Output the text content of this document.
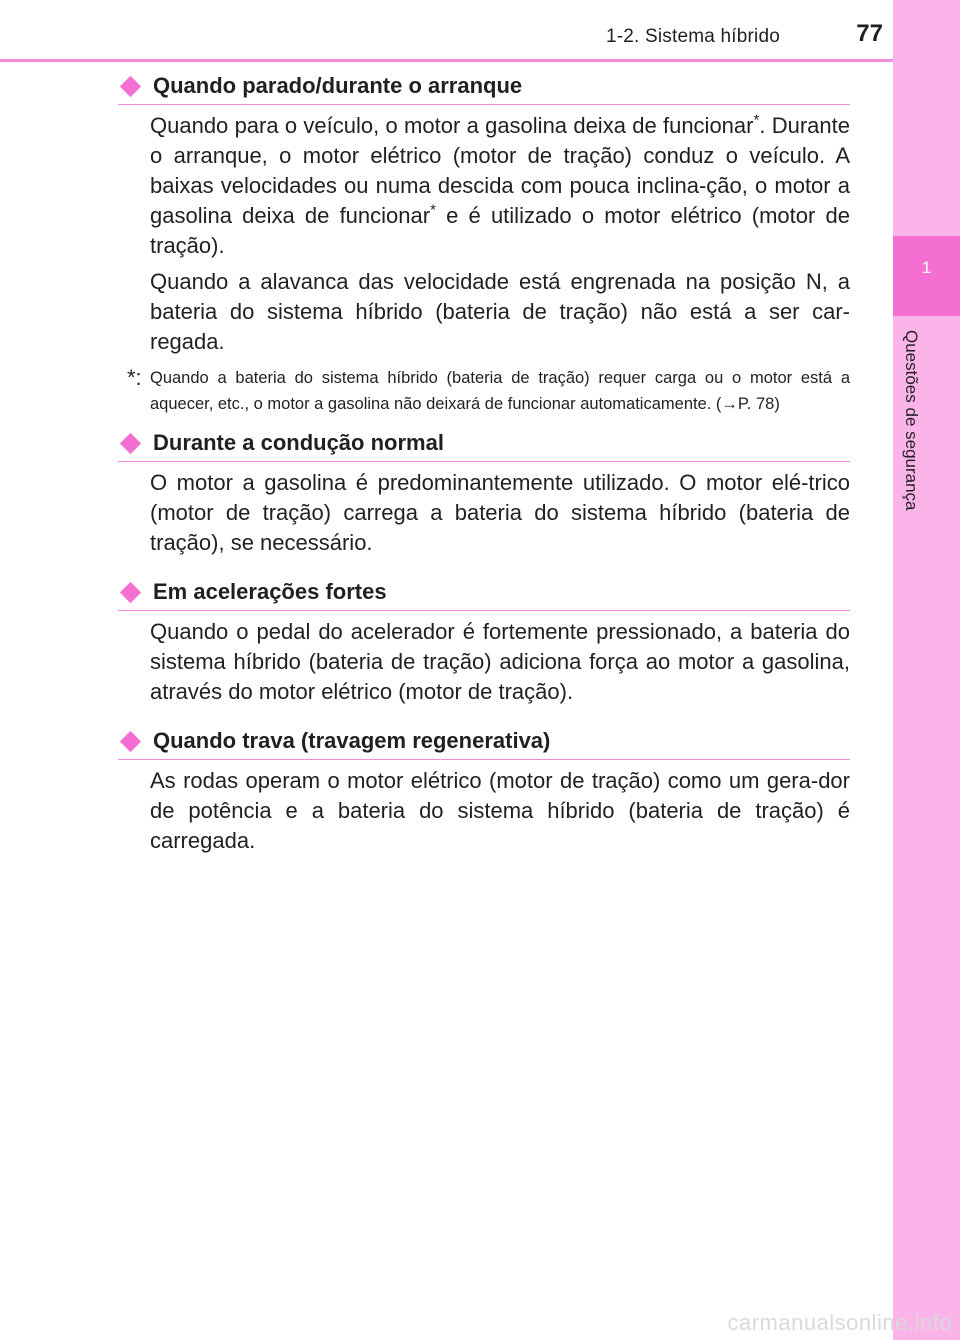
1-2. Sistema híbrido	77
1
Questões de segurança
Quando parado/durante o arranque

Quando para o veículo, o motor a gasolina deixa de funcionar*. Durante o arranque, o motor elétrico (motor de tração) conduz o veículo. A baixas velocidades ou numa descida com pouca inclina-ção, o motor a gasolina deixa de funcionar* e é utilizado o motor elétrico (motor de tração).

Quando a alavanca das velocidade está engrenada na posição N, a bateria do sistema híbrido (bateria de tração) não está a ser car-regada.

*: Quando a bateria do sistema híbrido (bateria de tração) requer carga ou o motor está a aquecer, etc., o motor a gasolina não deixará de funcionar automaticamente. (→P. 78)
Durante a condução normal

O motor a gasolina é predominantemente utilizado. O motor elé-trico (motor de tração) carrega a bateria do sistema híbrido (bateria de tração), se necessário.

Em acelerações fortes

Quando o pedal do acelerador é fortemente pressionado, a bateria do sistema híbrido (bateria de tração) adiciona força ao motor a gasolina, através do motor elétrico (motor de tração).

Quando trava (travagem regenerativa)

As rodas operam o motor elétrico (motor de tração) como um gera-dor de potência e a bateria do sistema híbrido (bateria de tração) é carregada.

carmanualsonline.info
